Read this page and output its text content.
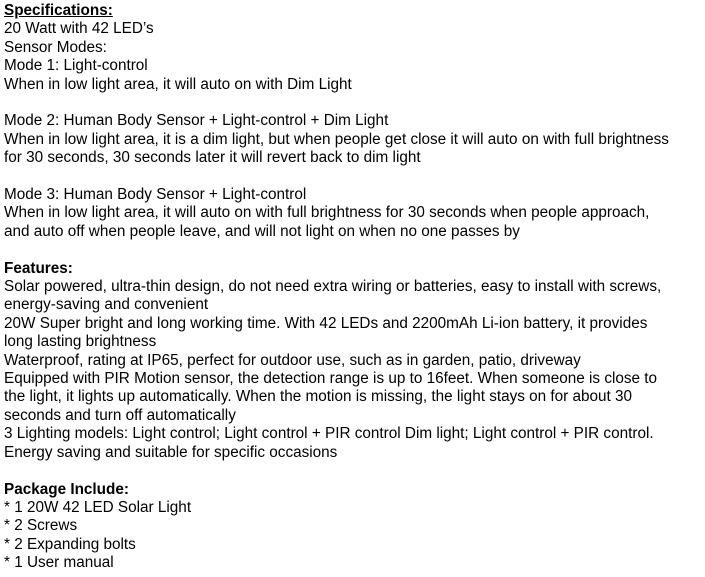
Specifications:
20 Watt with 42 LED’s
Sensor Modes:
Mode 1: Light-control
When in low light area, it will auto on with Dim Light
Mode 2: Human Body Sensor + Light-control + Dim Light
When in low light area, it is a dim light, but when people get close it will auto on with full brightness
for 30 seconds, 30 seconds later it will revert back to dim light
Mode 3: Human Body Sensor + Light-control
When in low light area, it will auto on with full brightness for 30 seconds when people approach,
and auto off when people leave, and will not light on when no one passes by
Features:
Solar powered, ultra-thin design, do not need extra wiring or batteries, easy to install with screws,
energy-saving and convenient
20W Super bright and long working time. With 42 LEDs and 2200mAh Li-ion battery, it provides
long lasting brightness
Waterproof, rating at IP65, perfect for outdoor use, such as in garden, patio, driveway
Equipped with PIR Motion sensor, the detection range is up to 16feet. When someone is close to
the light, it lights up automatically. When the motion is missing, the light stays on for about 30
seconds and turn off automatically
3 Lighting models: Light control; Light control + PIR control Dim light; Light control + PIR control.
Energy saving and suitable for specific occasions
Package Include:
* 1 20W 42 LED Solar Light
* 2 Screws
* 2 Expanding bolts
* 1 User manual
